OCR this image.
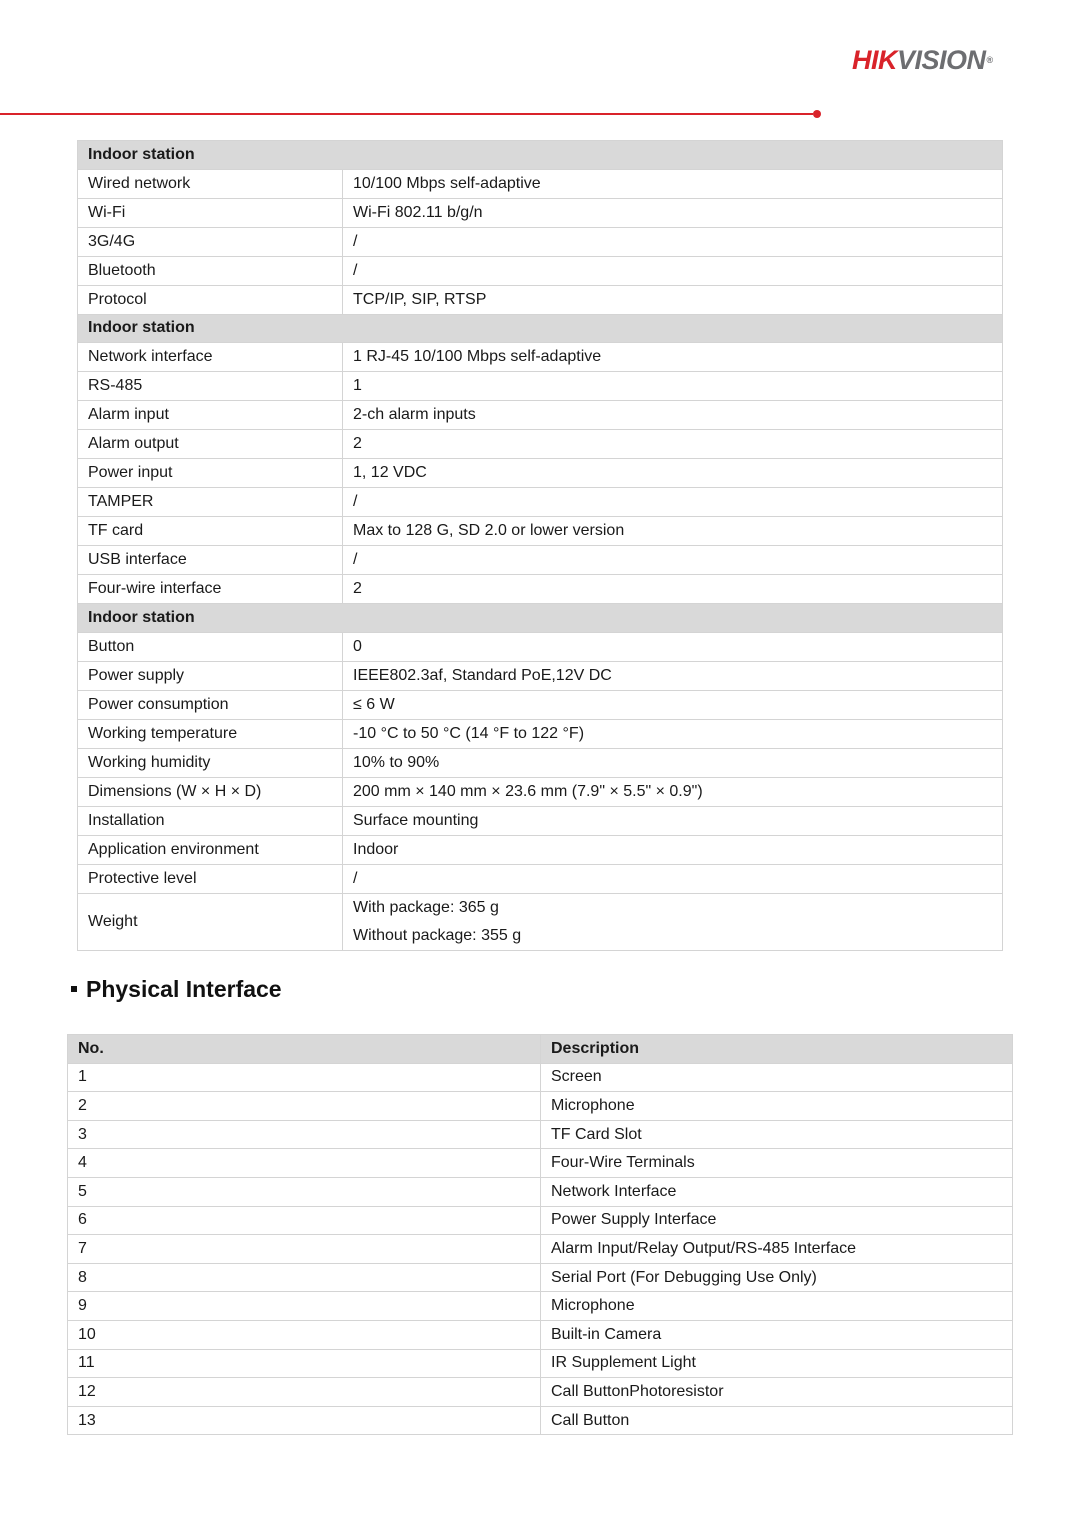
HIKVISION®
Indoor station	
Wired network	10/100 Mbps self-adaptive

Wi-Fi	Wi-Fi 802.11 b/g/n

3G/4G	/

Bluetooth	/

Protocol	TCP/IP, SIP, RTSP

Indoor station	
Network interface	1 RJ-45 10/100 Mbps self-adaptive

RS-485	1

Alarm input	2-ch alarm inputs

Alarm output	2

Power input	1, 12 VDC

TAMPER	/

TF card	Max to 128 G, SD 2.0 or lower version

USB interface	/

Four-wire interface	2

Indoor station	
Button	0

Power supply	IEEE802.3af, Standard PoE,12V DC

Power consumption	≤ 6 W

Working temperature	-10 °C to 50 °C (14 °F to 122 °F)

Working humidity	10% to 90%

Dimensions (W × H × D)	200 mm × 140 mm × 23.6 mm (7.9" × 5.5" × 0.9")

Installation	Surface mounting

Application environment	Indoor

Protective level	/

Weight	With package: 365 g
Without package: 355 g
Physical Interface
No.	Description
1	Screen
2	Microphone
3	TF Card Slot
4	Four-Wire Terminals
5	Network Interface
6	Power Supply Interface
7	Alarm Input/Relay Output/RS-485 Interface
8	Serial Port (For Debugging Use Only)
9	Microphone
10	Built-in Camera
11	IR Supplement Light
12	Call ButtonPhotoresistor
13	Call Button
